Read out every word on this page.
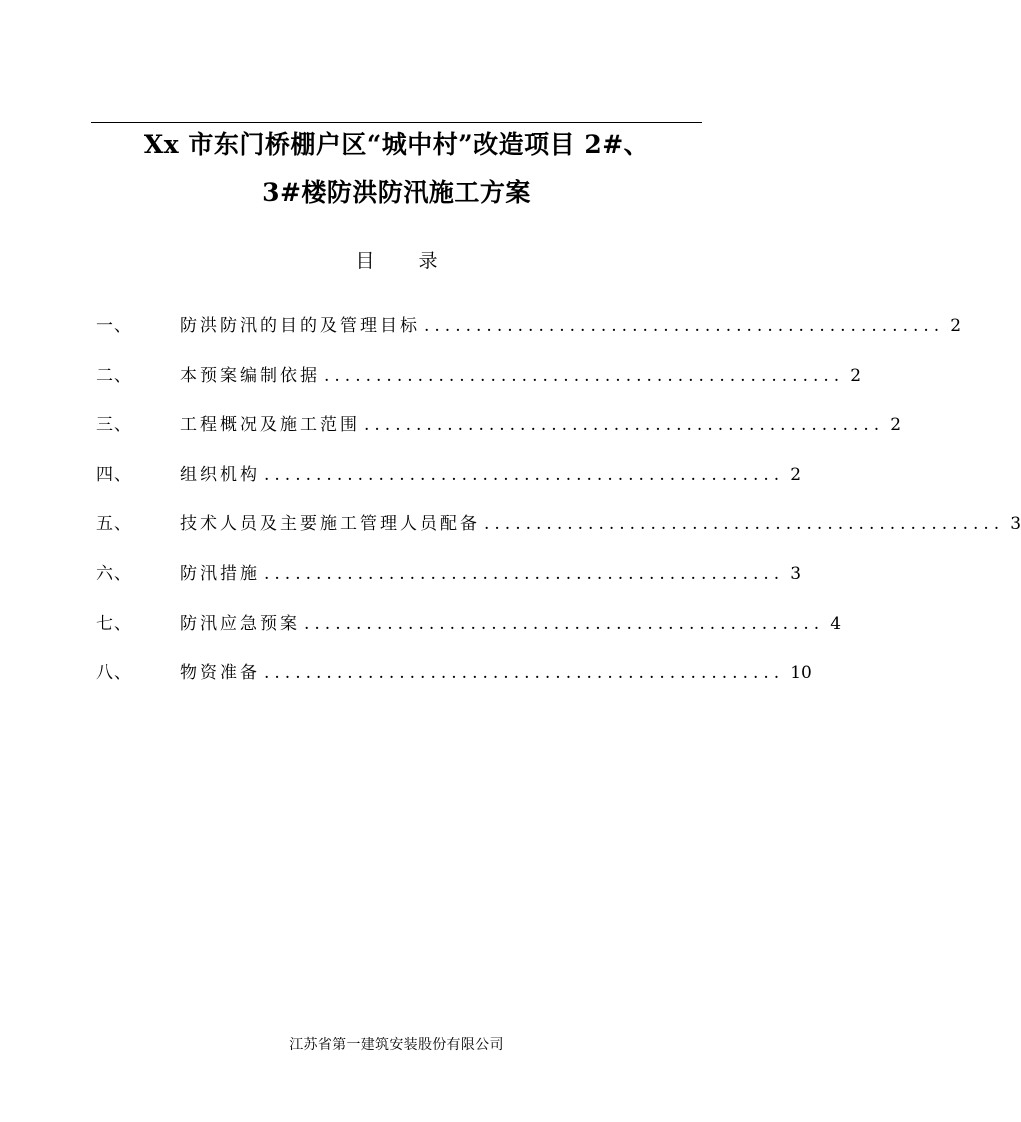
Xx 市东门桥棚户区“城中村”改造项目 2#、
3#楼防洪防汛施工方案
目 录
一、	防洪防汛的目的及管理目标 .................................................. 2
二、	本预案编制依据 .................................................. 2
三、	工程概况及施工范围 .................................................. 2
四、	组织机构 .................................................. 2
五、	技术人员及主要施工管理人员配备 .................................................. 3
六、	防汛措施 .................................................. 3
七、	防汛应急预案 .................................................. 4
八、	物资准备 .................................................. 10
江苏省第一建筑安装股份有限公司
